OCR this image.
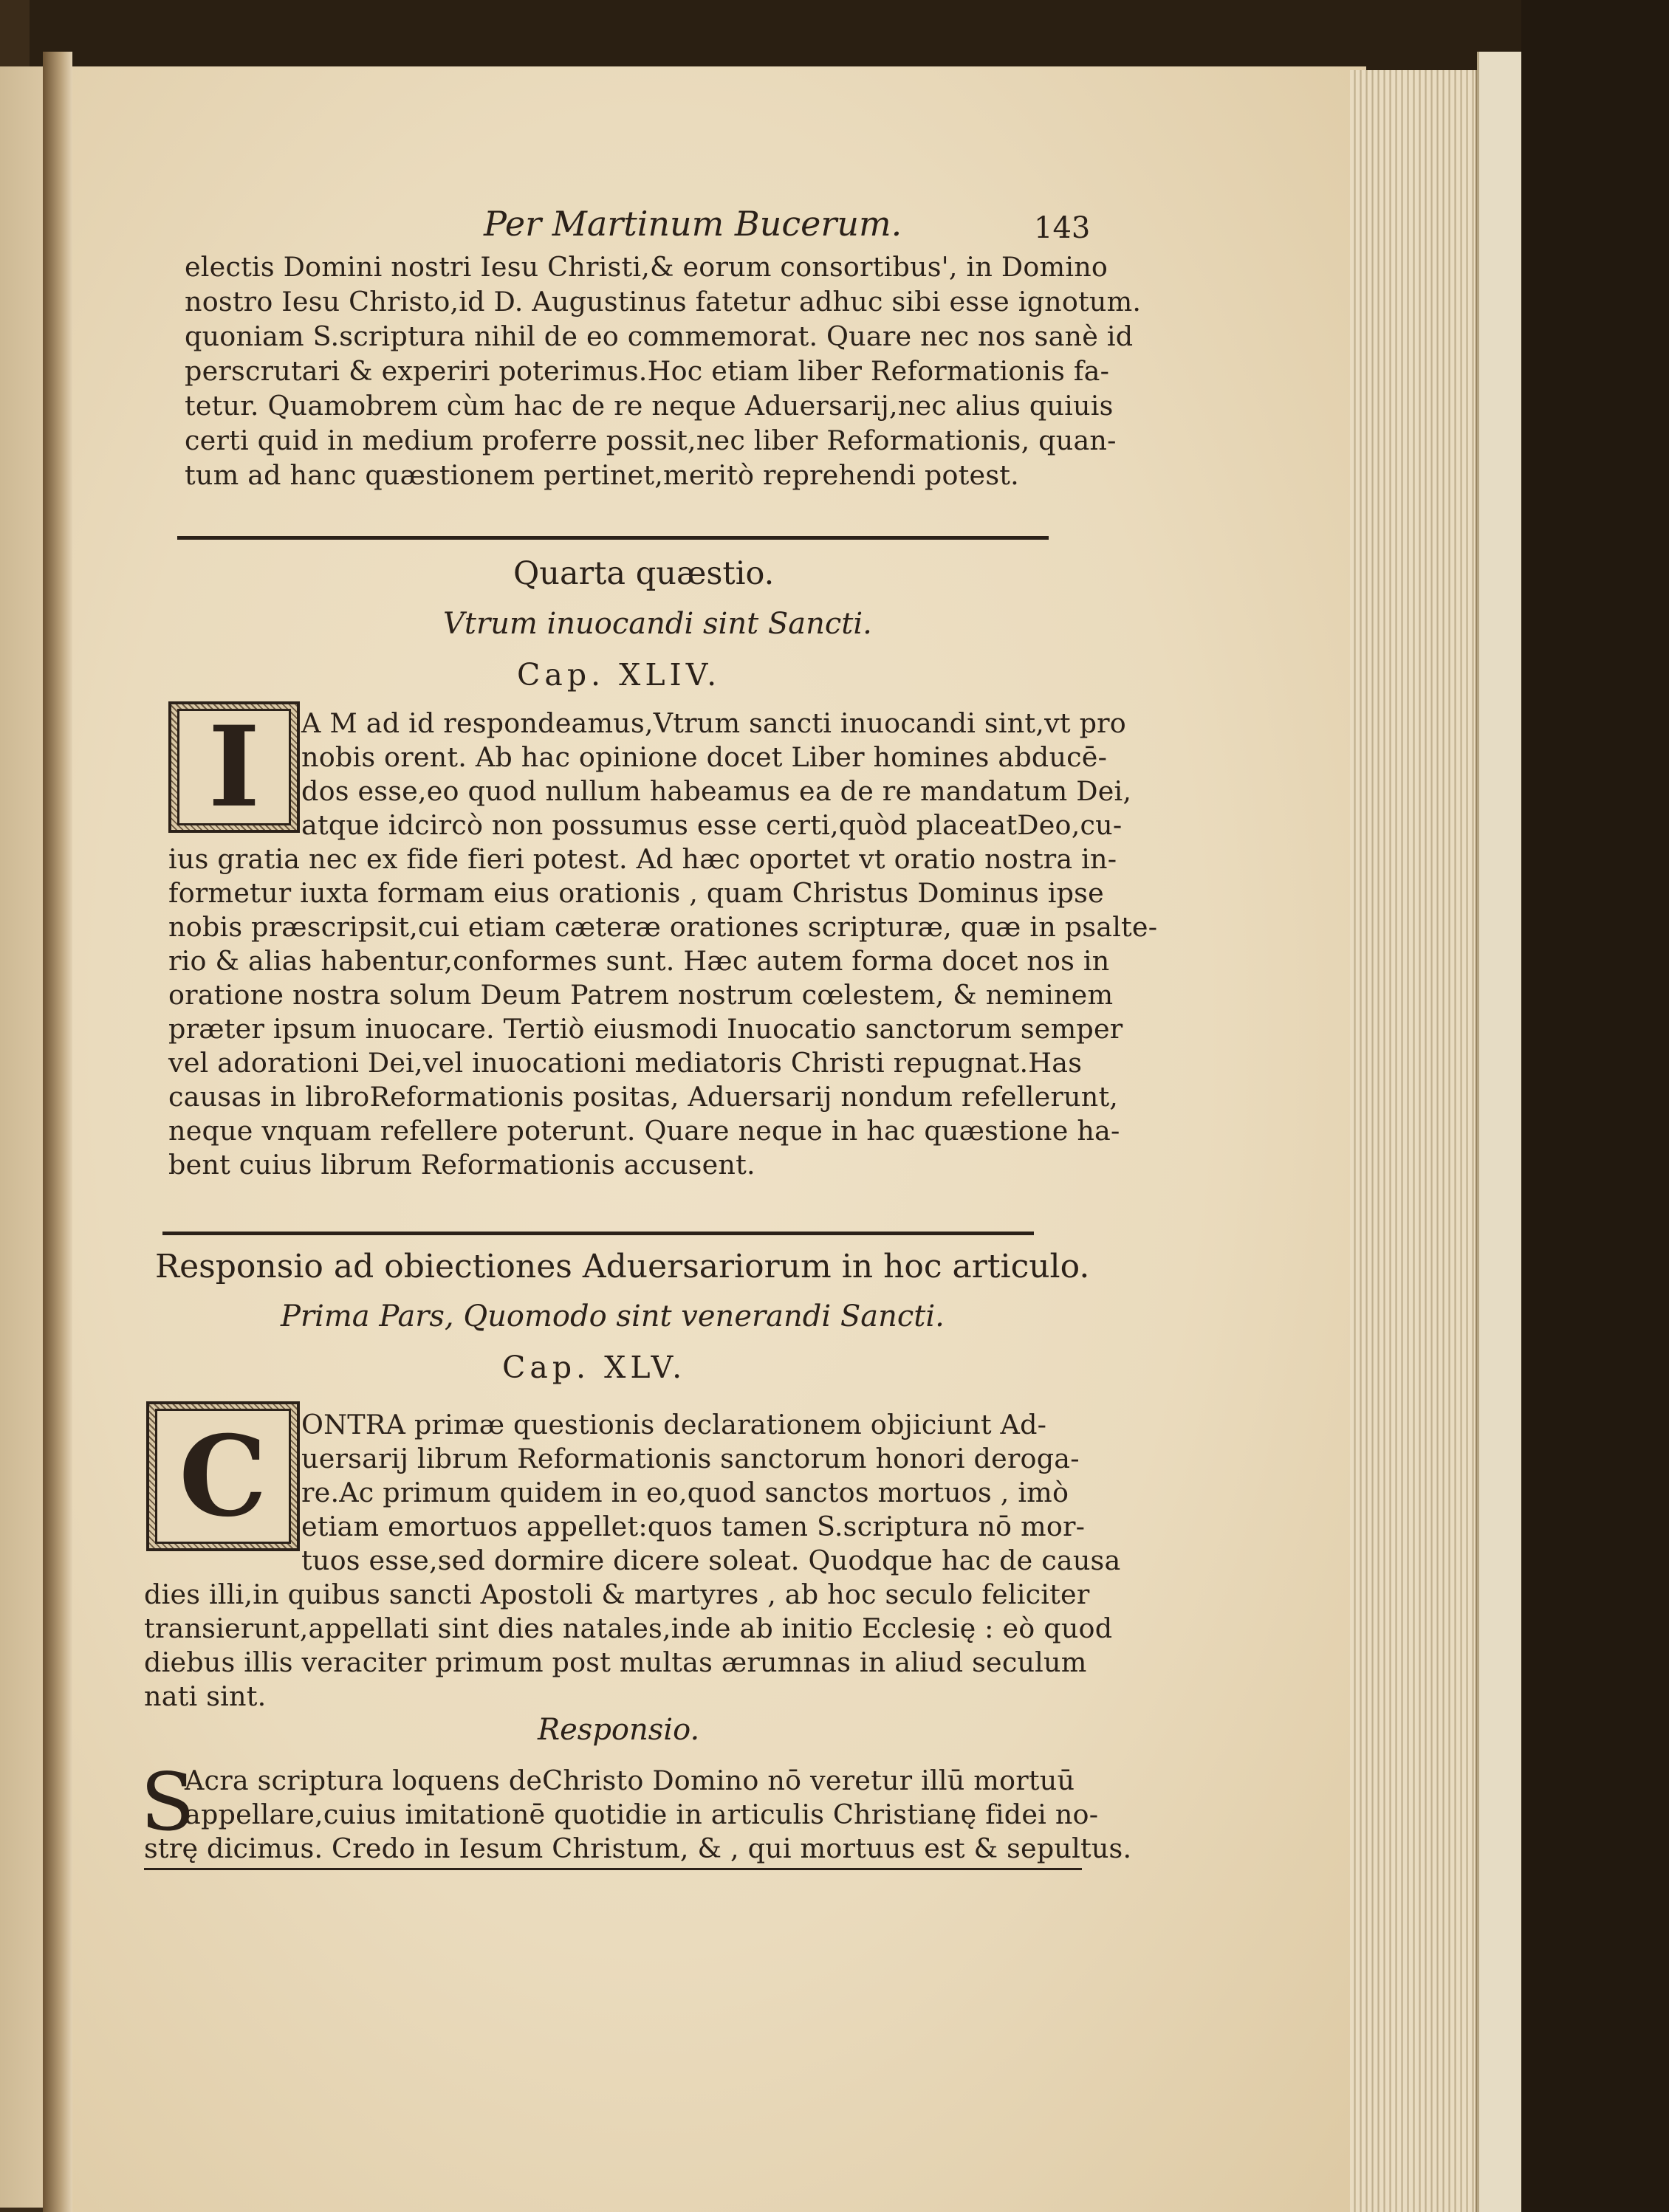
Per Martinum Bucerum.	143
electis Domini nostri Iesu Christi,& eorum consortibus', in Domino
nostro Iesu Christo,id D. Augustinus fatetur adhuc sibi esse ignotum.
quoniam S.scriptura nihil de eo commemorat. Quare nec nos sanè id
perscrutari & experiri poterimus.Hoc etiam liber Reformationis fa-
tetur. Quamobrem cùm hac de re neque Aduersarij,nec alius quiuis
certi quid in medium proferre possit,nec liber Reformationis, quan-
tum ad hanc quæstionem pertinet,meritò reprehendi potest.
Quarta quæstio.
Vtrum inuocandi sint Sancti.
Cap. XLIV.
I	A M ad id respondeamus,Vtrum sancti inuocandi sint,vt pro
nobis orent. Ab hac opinione docet Liber homines abducē-
dos esse,eo quod nullum habeamus ea de re mandatum Dei,
atque idcircò non possumus esse certi,quòd placeatDeo,cu-
ius gratia nec ex fide fieri potest. Ad hæc oportet vt oratio nostra in-
formetur iuxta formam eius orationis , quam Christus Dominus ipse
nobis præscripsit,cui etiam cæteræ orationes scripturæ, quæ in psalte-
rio & alias habentur,conformes sunt. Hæc autem forma docet nos in
oratione nostra solum Deum Patrem nostrum cœlestem, & neminem
præter ipsum inuocare. Tertiò eiusmodi Inuocatio sanctorum semper
vel adorationi Dei,vel inuocationi mediatoris Christi repugnat.Has
causas in libroReformationis positas, Aduersarij nondum refellerunt,
neque vnquam refellere poterunt. Quare neque in hac quæstione ha-
bent cuius librum Reformationis accusent.
Responsio ad obiectiones Aduersariorum in hoc articulo.
Prima Pars, Quomodo sint venerandi Sancti.
Cap. XLV.
C	ONTRA primæ questionis declarationem objiciunt Ad-
uersarij librum Reformationis sanctorum honori deroga-
re.Ac primum quidem in eo,quod sanctos mortuos , imò
etiam emortuos appellet:quos tamen S.scriptura nō mor-
tuos esse,sed dormire dicere soleat. Quodque hac de causa
dies illi,in quibus sancti Apostoli & martyres , ab hoc seculo feliciter
transierunt,appellati sint dies natales,inde ab initio Ecclesię : eò quod
diebus illis veraciter primum post multas ærumnas in aliud seculum
nati sint.
Responsio.
S
Acra scriptura loquens deChristo Domino nō veretur illū mortuū
appellare,cuius imitationē quotidie in articulis Christianę fidei no-
strę dicimus. Credo in Iesum Christum, & , qui mortuus est & sepultus.
